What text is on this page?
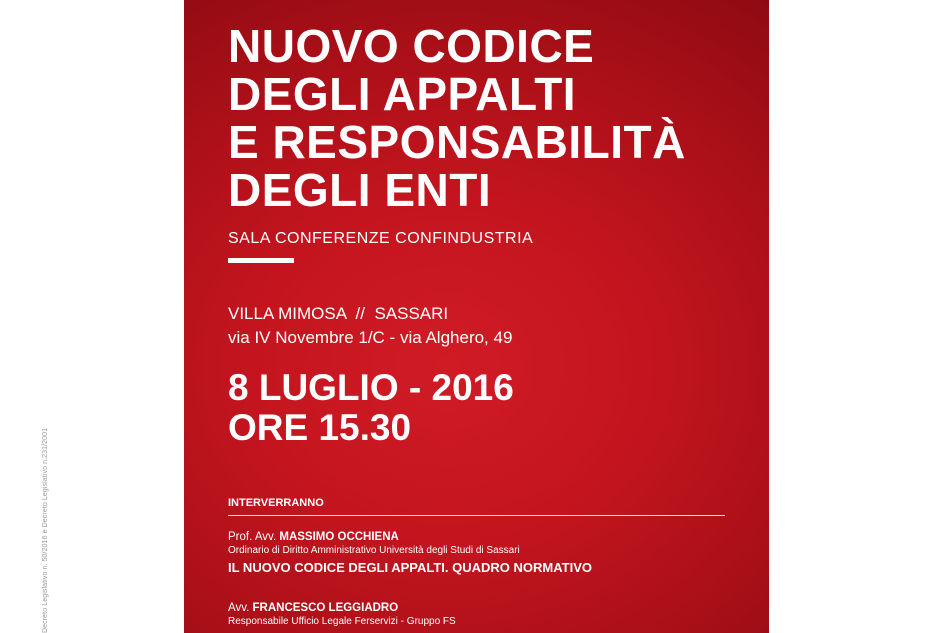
Decreto Legislativo n. 50/2016 e Decreto Legislativo n.231/2001
NUOVO CODICE
DEGLI APPALTI
E RESPONSABILITÀ
DEGLI ENTI
SALA CONFERENZE CONFINDUSTRIA
VILLA MIMOSA  //  SASSARI
via IV Novembre 1/C - via Alghero, 49
8 LUGLIO - 2016
ORE 15.30
INTERVERRANNO
Prof. Avv. MASSIMO OCCHIENA
Ordinario di Diritto Amministrativo Università degli Studi di Sassari
IL NUOVO CODICE DEGLI APPALTI. QUADRO NORMATIVO
Avv. FRANCESCO LEGGIADRO
Responsabile Ufficio Legale Ferservizi - Gruppo FS
